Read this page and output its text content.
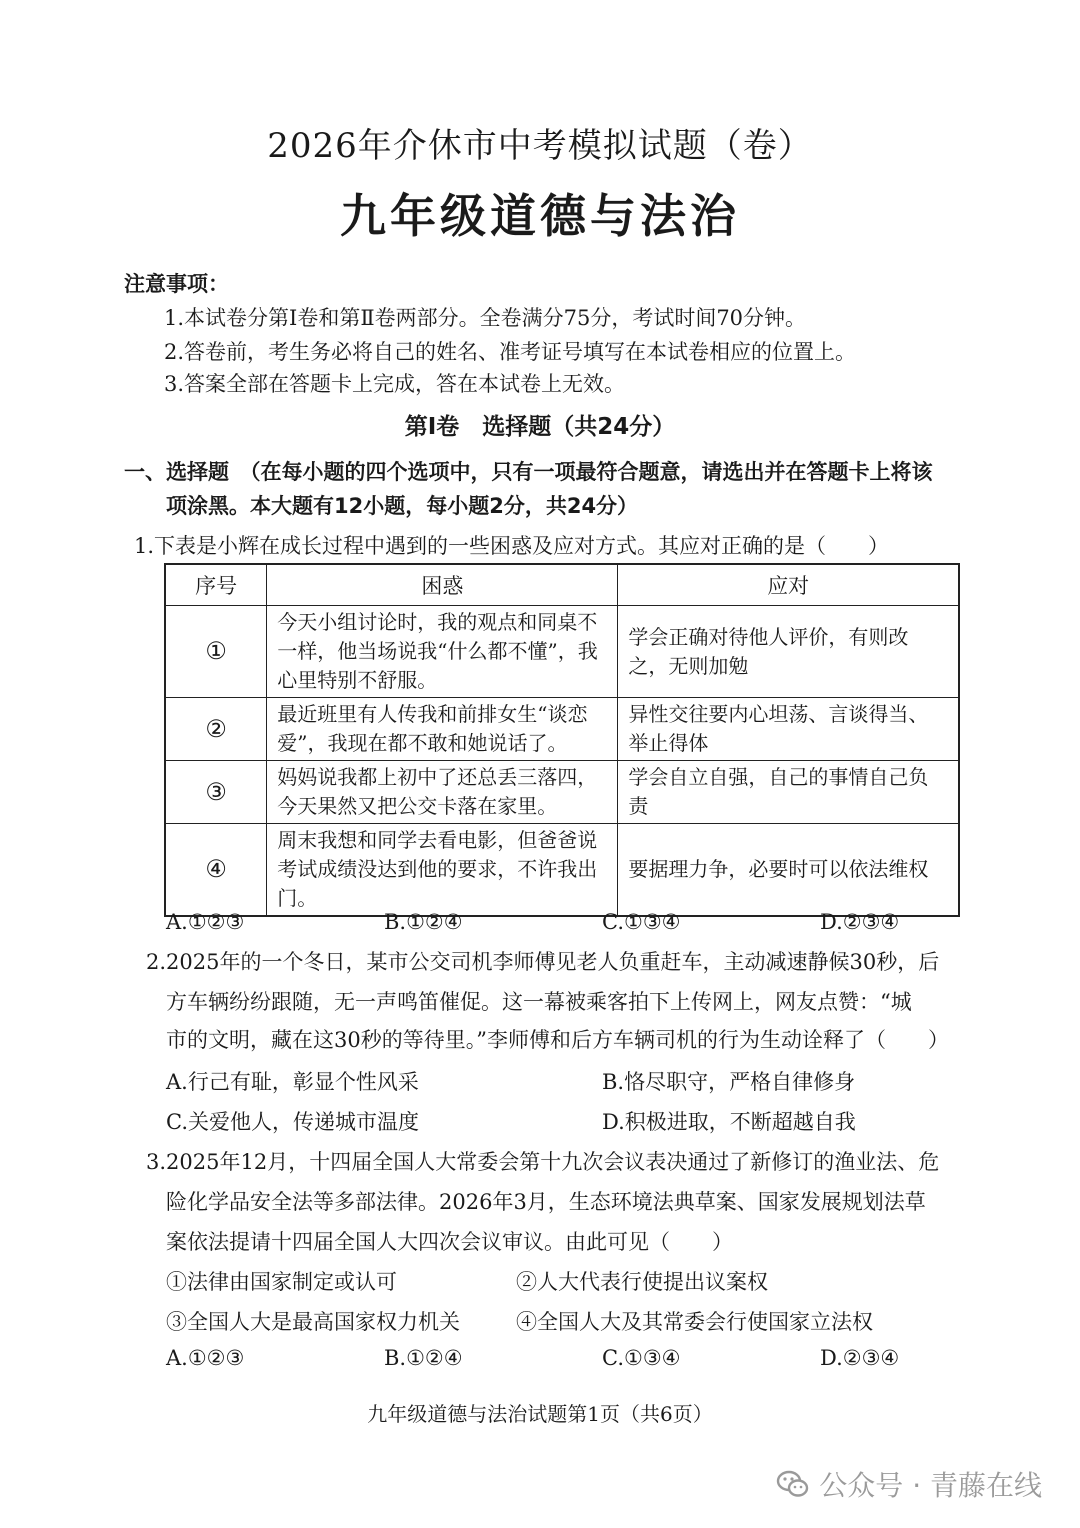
2026年介休市中考模拟试题（卷）
九年级道德与法治
注意事项：
1.本试卷分第Ⅰ卷和第Ⅱ卷两部分。全卷满分75分，考试时间70分钟。
2.答卷前，考生务必将自己的姓名、准考证号填写在本试卷相应的位置上。
3.答案全部在答题卡上完成，答在本试卷上无效。
第Ⅰ卷　选择题（共24分）
一、选择题　（在每小题的四个选项中，只有一项最符合题意，请选出并在答题卡上将该
项涂黑。本大题有12小题，每小题2分，共24分）
1.下表是小辉在成长过程中遇到的一些困惑及应对方式。其应对正确的是（　　）
序号	困惑	应对
①	今天小组讨论时，我的观点和同桌不一样，他当场说我“什么都不懂”，我心里特别不舒服。	学会正确对待他人评价，有则改之，无则加勉
②	最近班里有人传我和前排女生“谈恋爱”，我现在都不敢和她说话了。	异性交往要内心坦荡、言谈得当、举止得体
③	妈妈说我都上初中了还总丢三落四，今天果然又把公交卡落在家里。	学会自立自强，自己的事情自己负责
④	周末我想和同学去看电影，但爸爸说考试成绩没达到他的要求，不许我出门。	要据理力争，必要时可以依法维权
A.①②③	B.①②④	C.①③④	D.②③④
2.2025年的一个冬日，某市公交司机李师傅见老人负重赶车，主动减速静候30秒，后
方车辆纷纷跟随，无一声鸣笛催促。这一幕被乘客拍下上传网上，网友点赞：“城
市的文明，藏在这30秒的等待里。”李师傅和后方车辆司机的行为生动诠释了（　　）
A.行己有耻，彰显个性风采	B.恪尽职守，严格自律修身
C.关爱他人，传递城市温度	D.积极进取，不断超越自我
3.2025年12月，十四届全国人大常委会第十九次会议表决通过了新修订的渔业法、危
险化学品安全法等多部法律。2026年3月，生态环境法典草案、国家发展规划法草
案依法提请十四届全国人大四次会议审议。由此可见（　　）
①法律由国家制定或认可	②人大代表行使提出议案权
③全国人大是最高国家权力机关	④全国人大及其常委会行使国家立法权
A.①②③	B.①②④	C.①③④	D.②③④
九年级道德与法治试题第1页（共6页）
公众号 · 青藤在线
